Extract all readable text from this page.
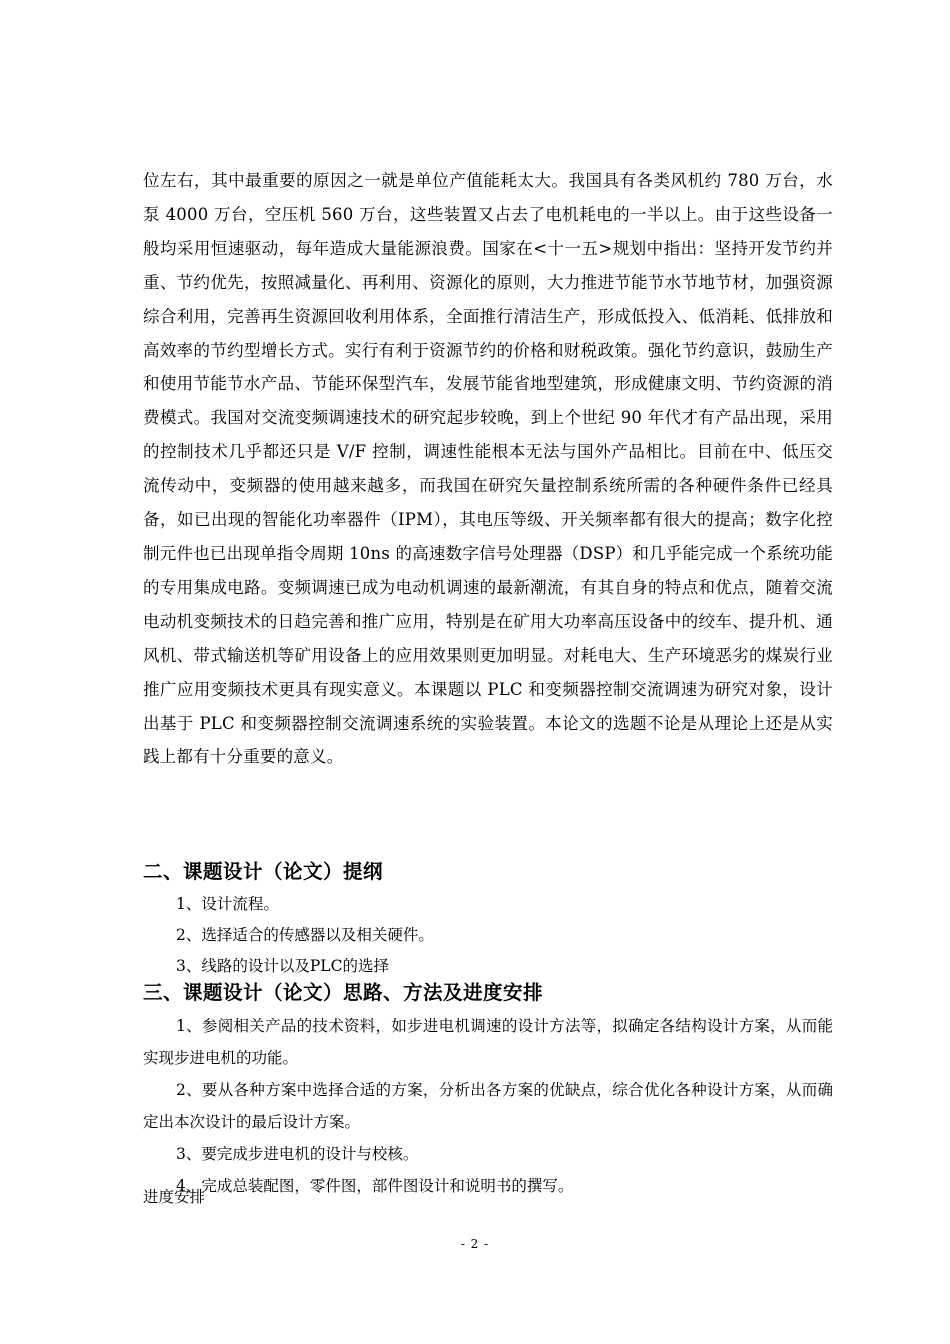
位左右，其中最重要的原因之一就是单位产值能耗太大。我国具有各类风机约 780 万台，水泵 4000 万台，空压机 560 万台，这些装置又占去了电机耗电的一半以上。由于这些设备一般均采用恒速驱动，每年造成大量能源浪费。国家在<十一五>规划中指出：坚持开发节约并重、节约优先，按照减量化、再利用、资源化的原则，大力推进节能节水节地节材，加强资源综合利用，完善再生资源回收利用体系，全面推行清洁生产，形成低投入、低消耗、低排放和高效率的节约型增长方式。实行有利于资源节约的价格和财税政策。强化节约意识，鼓励生产和使用节能节水产品、节能环保型汽车，发展节能省地型建筑，形成健康文明、节约资源的消费模式。我国对交流变频调速技术的研究起步较晚，到上个世纪 90 年代才有产品出现，采用的控制技术几乎都还只是 V/F 控制，调速性能根本无法与国外产品相比。目前在中、低压交流传动中，变频器的使用越来越多，而我国在研究矢量控制系统所需的各种硬件条件已经具备，如已出现的智能化功率器件（IPM），其电压等级、开关频率都有很大的提高；数字化控制元件也已出现单指令周期 10ns 的高速数字信号处理器（DSP）和几乎能完成一个系统功能的专用集成电路。变频调速已成为电动机调速的最新潮流，有其自身的特点和优点，随着交流电动机变频技术的日趋完善和推广应用，特别是在矿用大功率高压设备中的绞车、提升机、通风机、带式输送机等矿用设备上的应用效果则更加明显。对耗电大、生产环境恶劣的煤炭行业推广应用变频技术更具有现实意义。本课题以 PLC 和变频器控制交流调速为研究对象，设计出基于 PLC 和变频器控制交流调速系统的实验装置。本论文的选题不论是从理论上还是从实践上都有十分重要的意义。

二、课题设计（论文）提纲
1、设计流程。
2、选择适合的传感器以及相关硬件。
3、线路的设计以及PLC的选择
三、课题设计（论文）思路、方法及进度安排
1、参阅相关产品的技术资料，如步进电机调速的设计方法等，拟确定各结构设计方案，从而能实现步进电机的功能。
2、要从各种方案中选择合适的方案，分析出各方案的优缺点，综合优化各种设计方案，从而确定出本次设计的最后设计方案。
3、要完成步进电机的设计与校核。
4、完成总装配图，零件图，部件图设计和说明书的撰写。

进度安排

- 2 -
